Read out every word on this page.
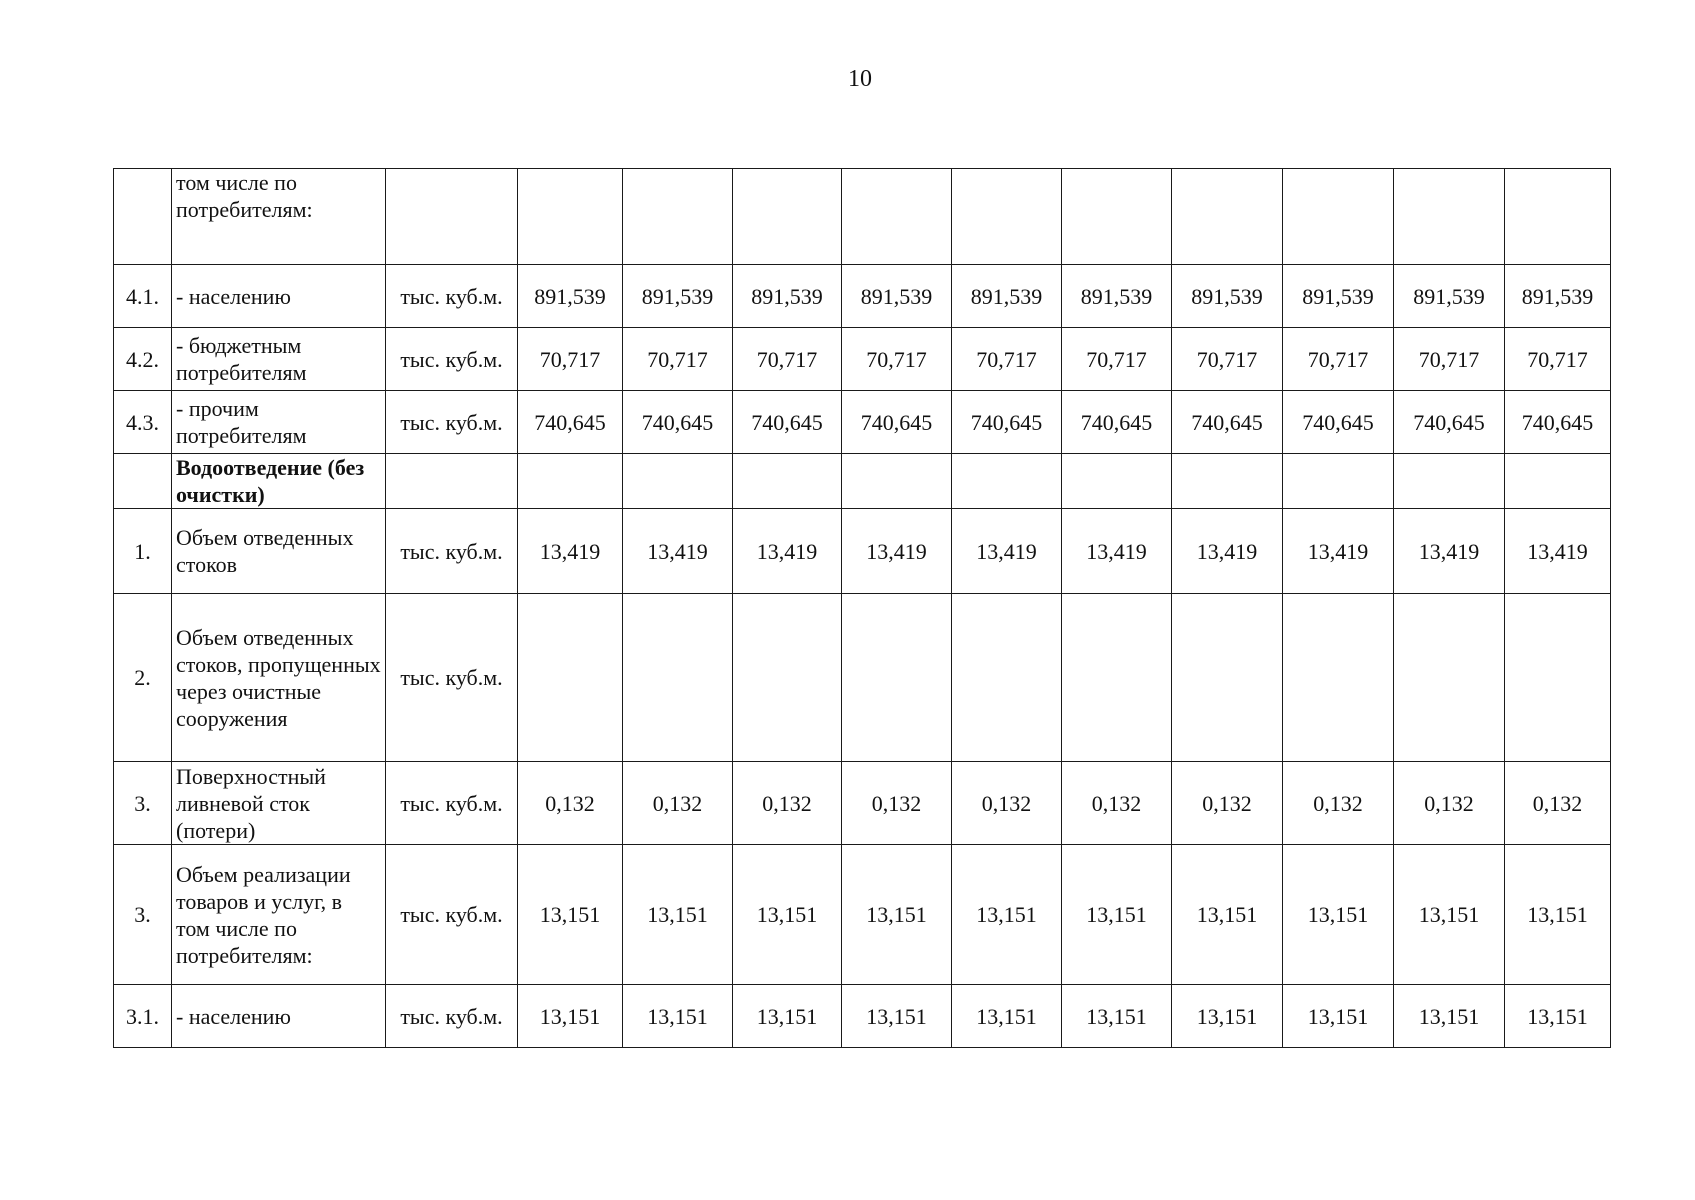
10
	том числе по потребителям:											
4.1.	- населению	тыс. куб.м.	891,539	891,539	891,539	891,539	891,539	891,539	891,539	891,539	891,539	891,539
4.2.	- бюджетным потребителям	тыс. куб.м.	70,717	70,717	70,717	70,717	70,717	70,717	70,717	70,717	70,717	70,717
4.3.	- прочим потребителям	тыс. куб.м.	740,645	740,645	740,645	740,645	740,645	740,645	740,645	740,645	740,645	740,645
	Водоотведение (без очистки)											
1.	Объем отведенных стоков	тыс. куб.м.	13,419	13,419	13,419	13,419	13,419	13,419	13,419	13,419	13,419	13,419
2.	Объем отведенных стоков, пропущенных через очистные сооружения	тыс. куб.м.										
3.	Поверхностный ливневой сток (потери)	тыс. куб.м.	0,132	0,132	0,132	0,132	0,132	0,132	0,132	0,132	0,132	0,132
3.	Объем реализации товаров и услуг, в том числе по потребителям:	тыс. куб.м.	13,151	13,151	13,151	13,151	13,151	13,151	13,151	13,151	13,151	13,151
3.1.	- населению	тыс. куб.м.	13,151	13,151	13,151	13,151	13,151	13,151	13,151	13,151	13,151	13,151
